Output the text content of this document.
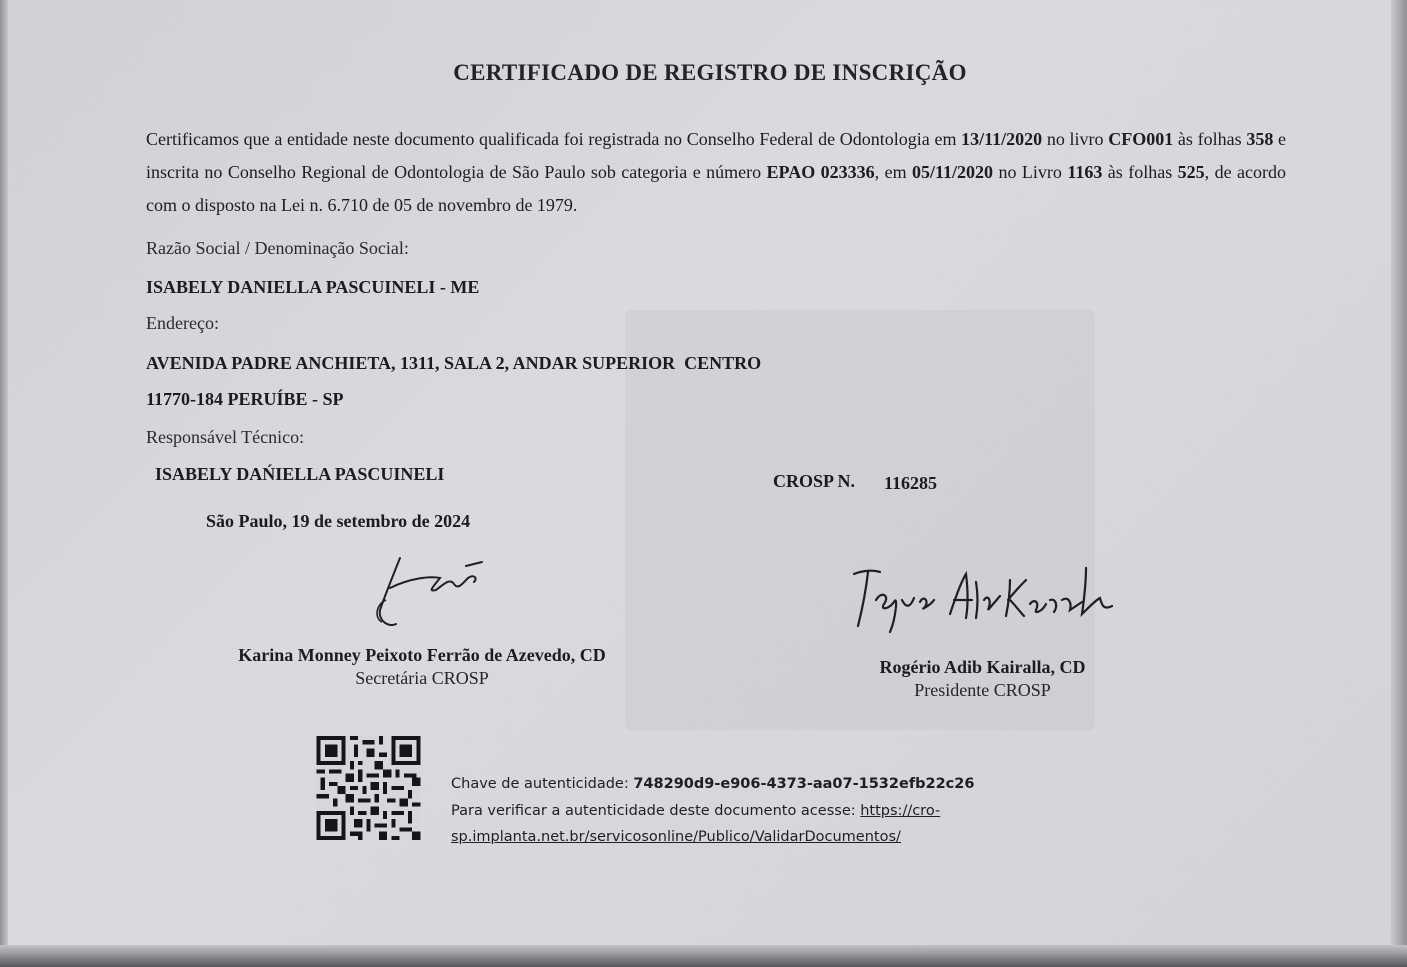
CERTIFICADO DE REGISTRO DE INSCRIÇÃO
Certificamos que a entidade neste documento qualificada foi registrada no Conselho Federal de Odontologia em 13/11/2020 no livro CFO001 às folhas 358 e inscrita no Conselho Regional de Odontologia de São Paulo sob categoria e número EPAO 023336, em 05/11/2020 no Livro 1163 às folhas 525, de acordo com o disposto na Lei n. 6.710 de 05 de novembro de 1979.
Razão Social / Denominação Social:
ISABELY DANIELLA PASCUINELI - ME
Endereço:
AVENIDA PADRE ANCHIETA, 1311, SALA 2, ANDAR SUPERIOR  CENTRO
11770-184 PERUÍBE - SP
Responsável Técnico:
ISABELY DAŃIELLA PASCUINELI	CROSP N. 116285
São Paulo, 19 de setembro de 2024
Karina Monney Peixoto Ferrão de Azevedo, CD
Secretária CROSP
Rogério Adib Kairalla, CD
Presidente CROSP
Chave de autenticidade: 748290d9-e906-4373-aa07-1532efb22c26
Para verificar a autenticidade deste documento acesse: https://cro-
sp.implanta.net.br/servicosonline/Publico/ValidarDocumentos/
